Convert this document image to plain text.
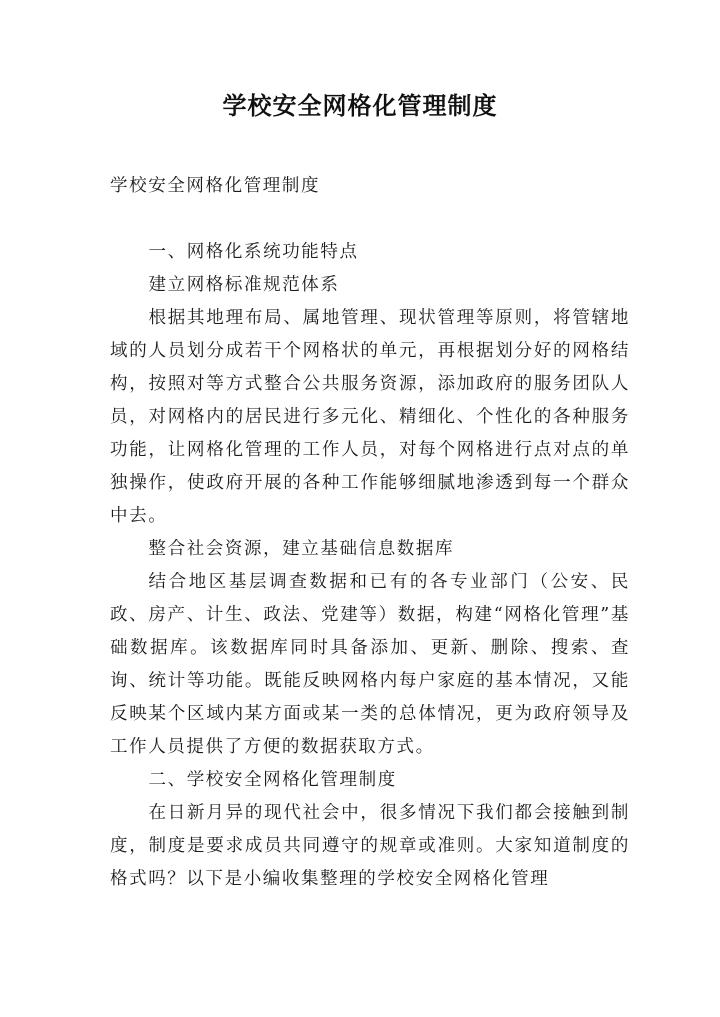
学校安全网格化管理制度

学校安全网格化管理制度

一、网格化系统功能特点

建立网格标准规范体系

根据其地理布局、属地管理、现状管理等原则，将管辖地域的人员划分成若干个网格状的单元，再根据划分好的网格结构，按照对等方式整合公共服务资源，添加政府的服务团队人员，对网格内的居民进行多元化、精细化、个性化的各种服务功能，让网格化管理的工作人员，对每个网格进行点对点的单独操作，使政府开展的各种工作能够细腻地渗透到每一个群众中去。

整合社会资源，建立基础信息数据库

结合地区基层调查数据和已有的各专业部门（公安、民政、房产、计生、政法、党建等）数据，构建“网格化管理”基础数据库。该数据库同时具备添加、更新、删除、搜索、查询、统计等功能。既能反映网格内每户家庭的基本情况，又能反映某个区域内某方面或某一类的总体情况，更为政府领导及工作人员提供了方便的数据获取方式。

二、学校安全网格化管理制度

在日新月异的现代社会中，很多情况下我们都会接触到制度，制度是要求成员共同遵守的规章或准则。大家知道制度的格式吗？以下是小编收集整理的学校安全网格化管理
